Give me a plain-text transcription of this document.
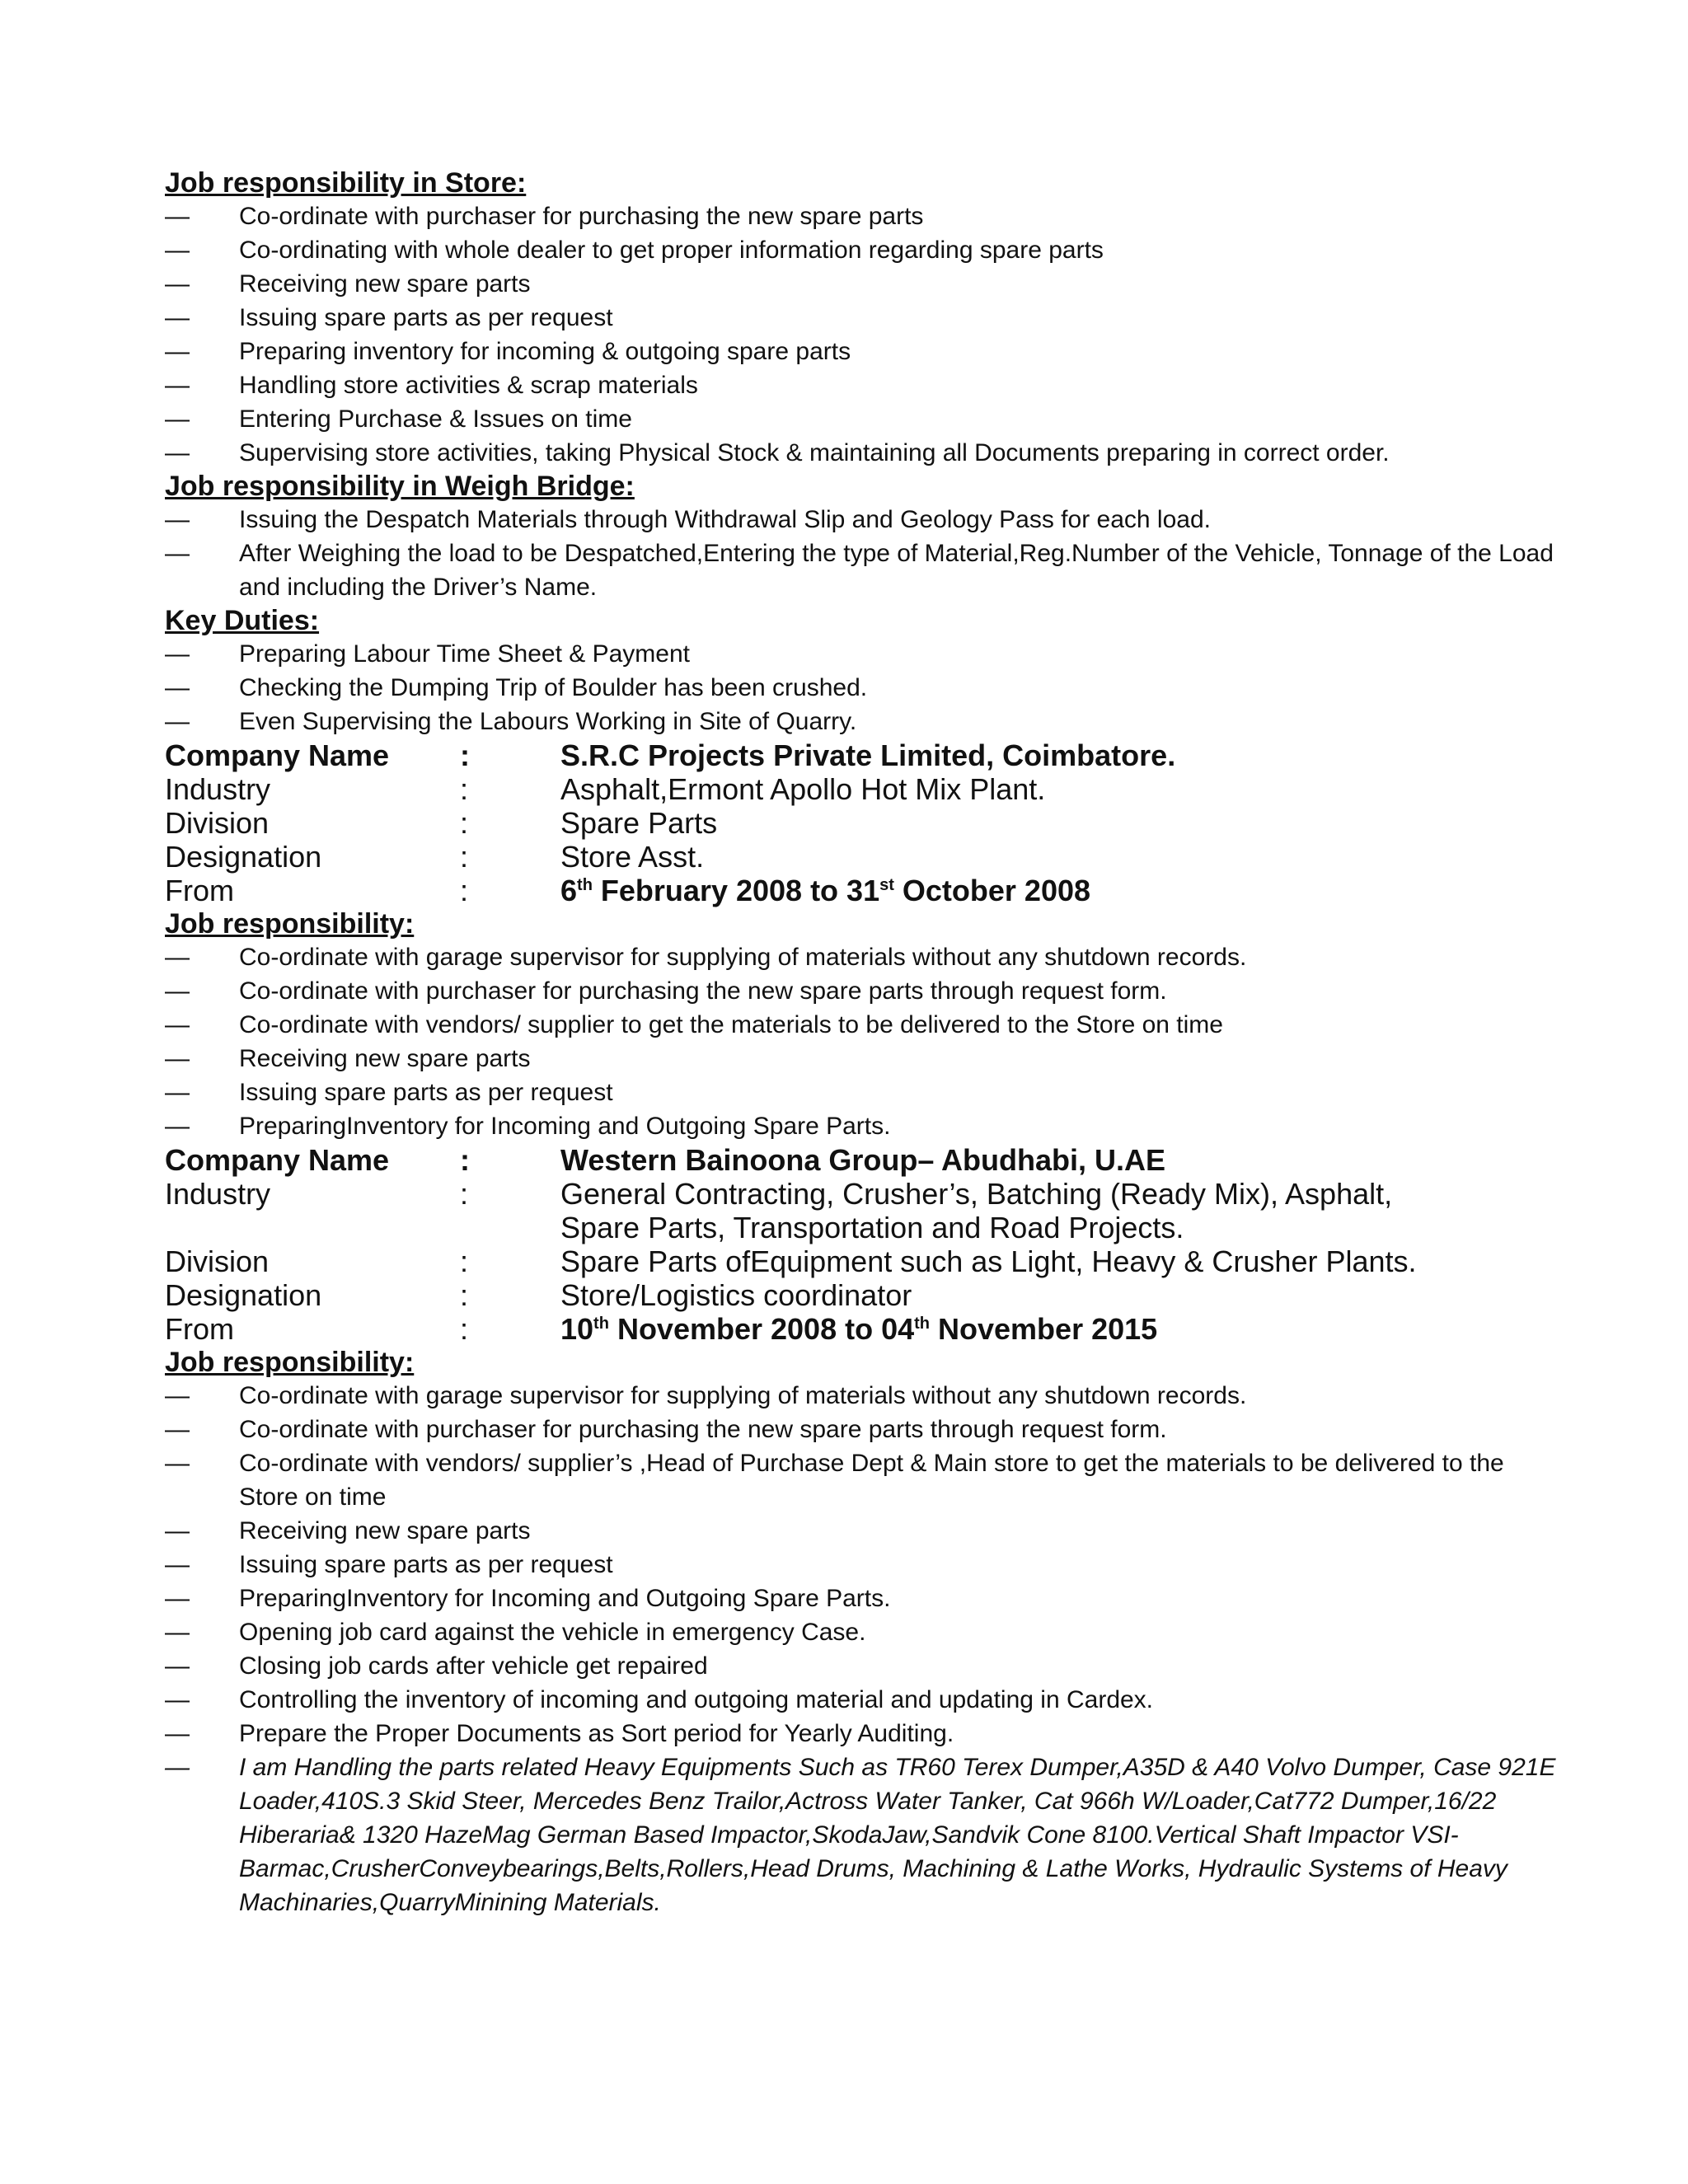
Job responsibility in Store:
— Co-ordinate with purchaser for purchasing the new spare parts
— Co-ordinating with whole dealer to get proper information regarding spare parts
— Receiving new spare parts
— Issuing spare parts as per request
— Preparing inventory for incoming & outgoing spare parts
— Handling store activities & scrap materials
— Entering Purchase & Issues on time
— Supervising store activities, taking Physical Stock & maintaining all Documents preparing in correct order.
Job responsibility in Weigh Bridge:
— Issuing the Despatch Materials through Withdrawal Slip and Geology Pass for each load.
— After Weighing the load to be Despatched,Entering the type of Material,Reg.Number of the Vehicle, Tonnage of the Load and including the Driver’s Name.
Key Duties:
— Preparing Labour Time Sheet & Payment
— Checking the Dumping Trip of Boulder has been crushed.
— Even Supervising the Labours Working in Site of Quarry.
Company Name	:	S.R.C Projects Private Limited, Coimbatore.
Industry	:	Asphalt,Ermont Apollo Hot Mix Plant.
Division	:	Spare Parts
Designation	:	Store Asst.
From	:	6th February 2008 to 31st October 2008
Job responsibility:
— Co-ordinate with garage supervisor for supplying of materials without any shutdown records.
— Co-ordinate with purchaser for purchasing the new spare parts through request form.
— Co-ordinate with vendors/ supplier to get the materials to be delivered to the Store on time
— Receiving new spare parts
— Issuing spare parts as per request
— PreparingInventory for Incoming and Outgoing Spare Parts.
Company Name	:	Western Bainoona Group– Abudhabi, U.AE
Industry	:	General Contracting, Crusher’s, Batching (Ready Mix), Asphalt,
Spare Parts, Transportation and Road Projects.
Division	:	Spare Parts ofEquipment such as Light, Heavy & Crusher Plants.
Designation	:	Store/Logistics coordinator
From	:	10th November 2008 to 04th November 2015
Job responsibility:
— Co-ordinate with garage supervisor for supplying of materials without any shutdown records.
— Co-ordinate with purchaser for purchasing the new spare parts through request form.
— Co-ordinate with vendors/ supplier’s ,Head of Purchase Dept & Main store to get the materials to be delivered to the Store on time
— Receiving new spare parts
— Issuing spare parts as per request
— PreparingInventory for Incoming and Outgoing Spare Parts.
— Opening job card against the vehicle in emergency Case.
— Closing job cards after vehicle get repaired
— Controlling the inventory of incoming and outgoing material and updating in Cardex.
— Prepare the Proper Documents as Sort period for Yearly Auditing.
— I am Handling the parts related Heavy Equipments Such as TR60 Terex Dumper,A35D & A40 Volvo Dumper, Case 921E Loader,410S.3 Skid Steer, Mercedes Benz Trailor,Actross Water Tanker, Cat 966h W/Loader,Cat772 Dumper,16/22 Hiberaria& 1320 HazeMag German Based Impactor,SkodaJaw,Sandvik Cone 8100.Vertical Shaft Impactor VSI-Barmac,CrusherConveybearings,Belts,Rollers,Head Drums, Machining & Lathe Works, Hydraulic Systems of Heavy Machinaries,QuarryMinining Materials.
